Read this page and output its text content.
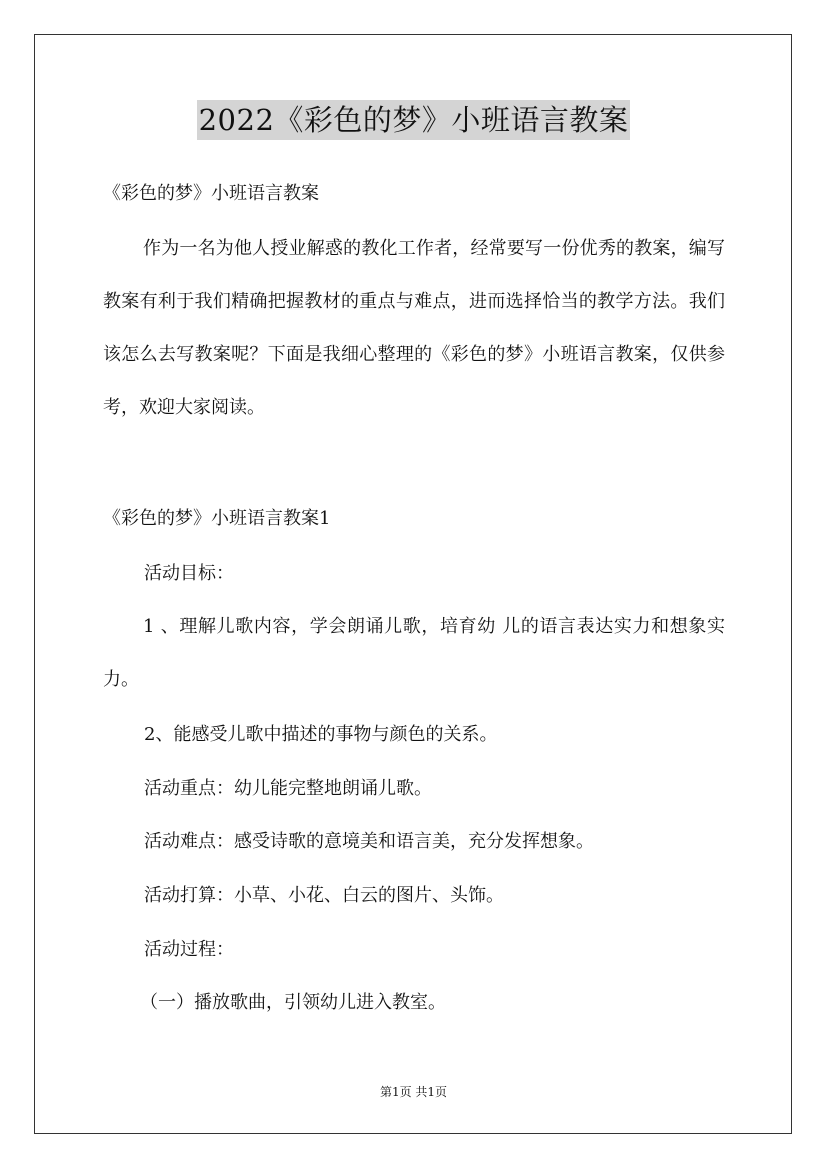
2022《彩色的梦》小班语言教案
《彩色的梦》小班语言教案
作为一名为他人授业解惑的教化工作者，经常要写一份优秀的教案，编写教案有利于我们精确把握教材的重点与难点，进而选择恰当的教学方法。我们该怎么去写教案呢？下面是我细心整理的《彩色的梦》小班语言教案，仅供参考，欢迎大家阅读。
《彩色的梦》小班语言教案1
活动目标：
1 、理解儿歌内容，学会朗诵儿歌，培育幼 儿的语言表达实力和想象实力。
2、能感受儿歌中描述的事物与颜色的关系。
活动重点：幼儿能完整地朗诵儿歌。
活动难点：感受诗歌的意境美和语言美，充分发挥想象。
活动打算：小草、小花、白云的图片、头饰。
活动过程：
（一）播放歌曲，引领幼儿进入教室。
第1页 共1页
